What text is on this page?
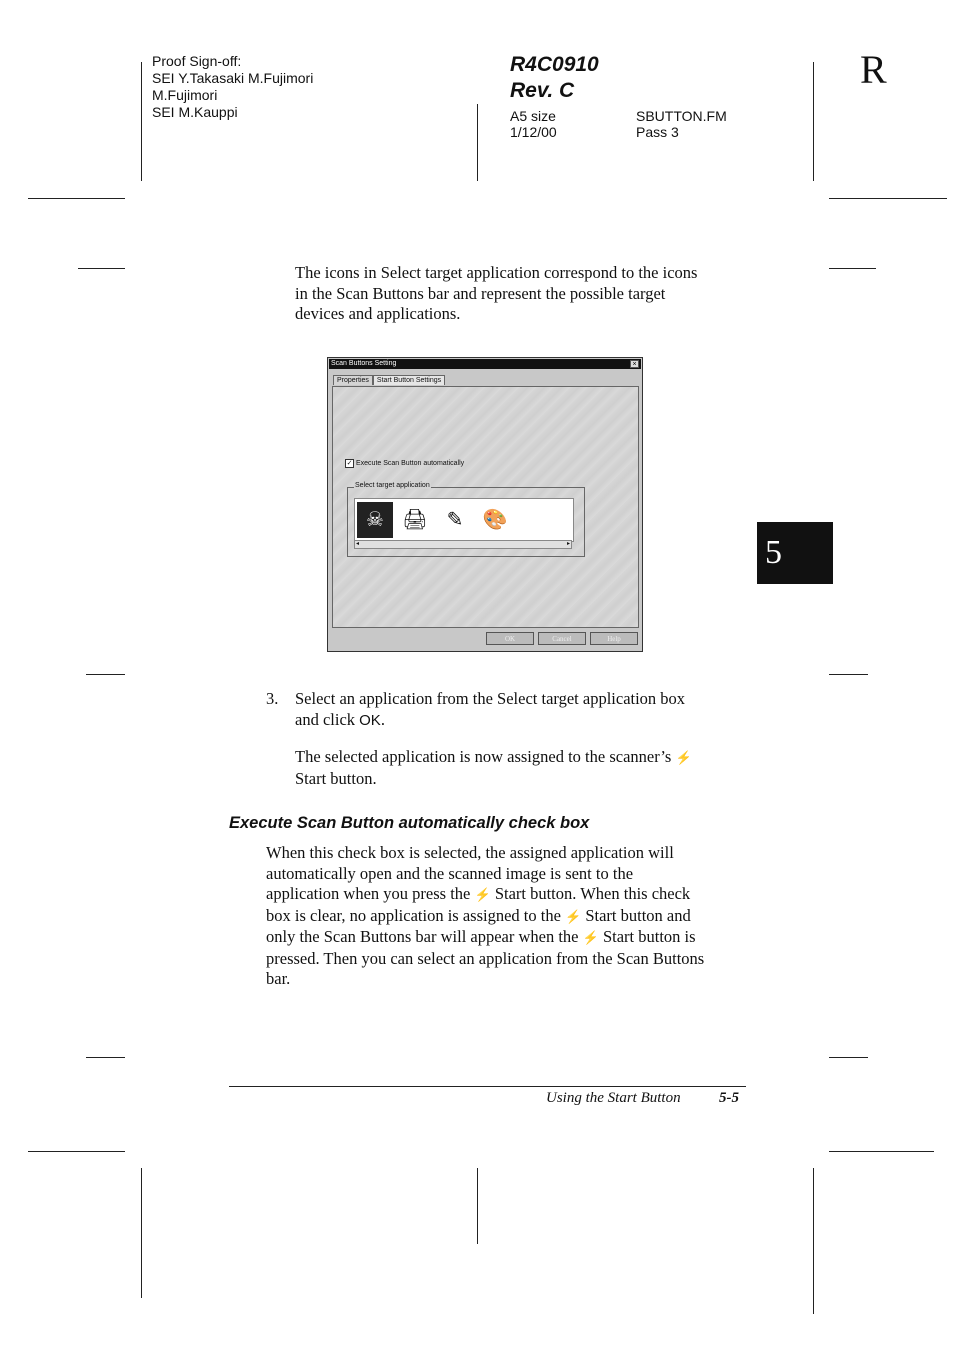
Proof Sign-off:
SEI Y.Takasaki M.Fujimori
M.Fujimori
SEI M.Kauppi
R4C0910
Rev. C
A5 size
1/12/00
SBUTTON.FM
Pass 3
R
5
The icons in Select target application correspond to the icons
in the Scan Buttons bar and represent the possible target
devices and applications.
Scan Buttons Setting	×
Properties	Start Button Settings
✓ Execute Scan Button automatically
Select target application
☠ 🖨 ✎ 🎨
◂	▸
OK	Cancel	Help
3. Select an application from the Select target application box
and click OK.
The selected application is now assigned to the scanner’s ⚡
Start button.
Execute Scan Button automatically check box
When this check box is selected, the assigned application will
automatically open and the scanned image is sent to the
application when you press the ⚡ Start button. When this check
box is clear, no application is assigned to the ⚡ Start button and
only the Scan Buttons bar will appear when the ⚡ Start button is
pressed. Then you can select an application from the Scan Buttons
bar.
Using the Start Button	5-5
